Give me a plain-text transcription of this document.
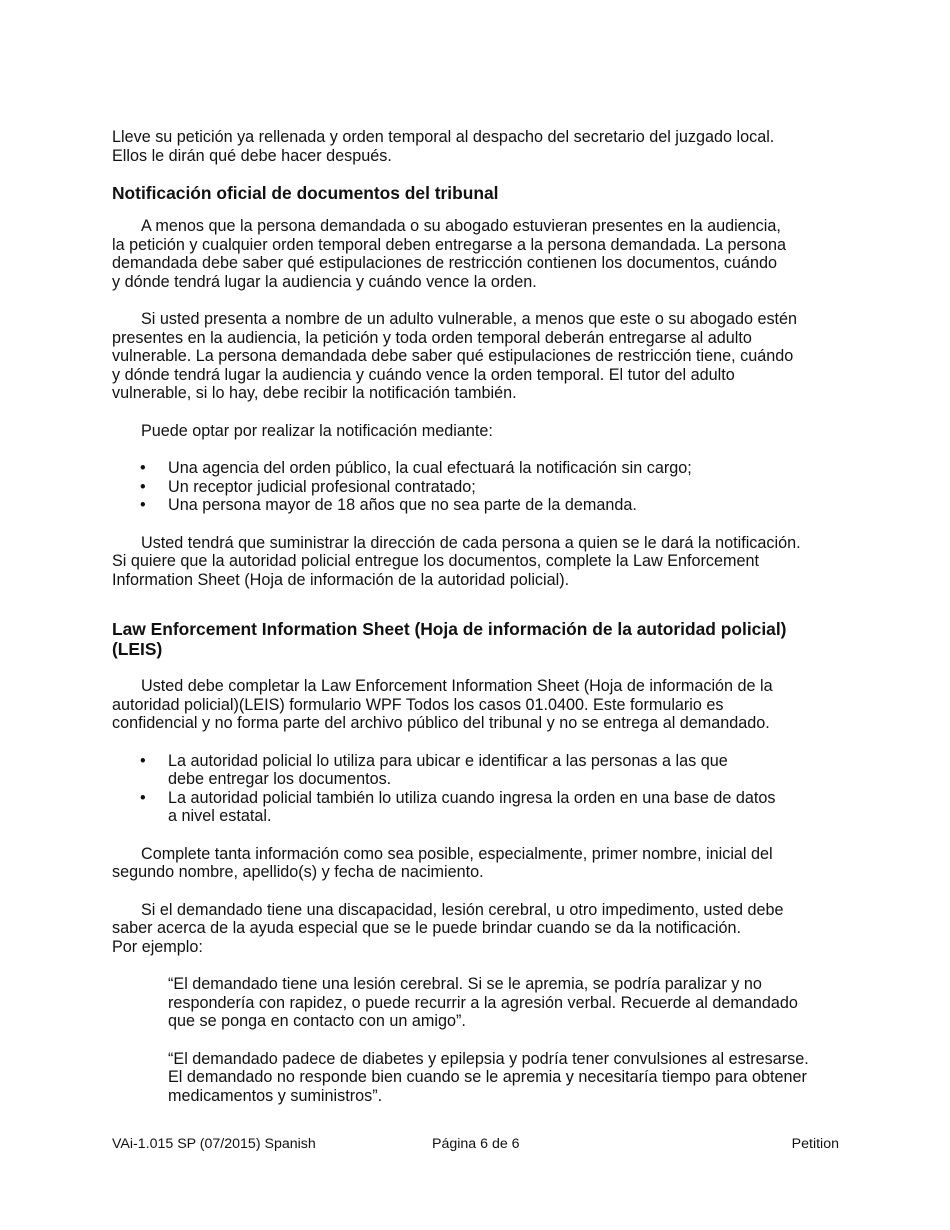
Lleve su petición ya rellenada y orden temporal al despacho del secretario del juzgado local.
Ellos le dirán qué debe hacer después.

Notificación oficial de documentos del tribunal

A menos que la persona demandada o su abogado estuvieran presentes en la audiencia,
la petición y cualquier orden temporal deben entregarse a la persona demandada. La persona
demandada debe saber qué estipulaciones de restricción contienen los documentos, cuándo
y dónde tendrá lugar la audiencia y cuándo vence la orden.

Si usted presenta a nombre de un adulto vulnerable, a menos que este o su abogado estén
presentes en la audiencia, la petición y toda orden temporal deberán entregarse al adulto
vulnerable. La persona demandada debe saber qué estipulaciones de restricción tiene, cuándo
y dónde tendrá lugar la audiencia y cuándo vence la orden temporal. El tutor del adulto
vulnerable, si lo hay, debe recibir la notificación también.

Puede optar por realizar la notificación mediante:

• Una agencia del orden público, la cual efectuará la notificación sin cargo;
• Un receptor judicial profesional contratado;
• Una persona mayor de 18 años que no sea parte de la demanda.

Usted tendrá que suministrar la dirección de cada persona a quien se le dará la notificación.
Si quiere que la autoridad policial entregue los documentos, complete la Law Enforcement
Information Sheet (Hoja de información de la autoridad policial).

Law Enforcement Information Sheet (Hoja de información de la autoridad policial)
(LEIS)

Usted debe completar la Law Enforcement Information Sheet (Hoja de información de la
autoridad policial)(LEIS) formulario WPF Todos los casos 01.0400. Este formulario es
confidencial y no forma parte del archivo público del tribunal y no se entrega al demandado.

• La autoridad policial lo utiliza para ubicar e identificar a las personas a las que
debe entregar los documentos.
• La autoridad policial también lo utiliza cuando ingresa la orden en una base de datos
a nivel estatal.

Complete tanta información como sea posible, especialmente, primer nombre, inicial del
segundo nombre, apellido(s) y fecha de nacimiento.

Si el demandado tiene una discapacidad, lesión cerebral, u otro impedimento, usted debe
saber acerca de la ayuda especial que se le puede brindar cuando se da la notificación.
Por ejemplo:

“El demandado tiene una lesión cerebral. Si se le apremia, se podría paralizar y no
respondería con rapidez, o puede recurrir a la agresión verbal. Recuerde al demandado
que se ponga en contacto con un amigo”.

“El demandado padece de diabetes y epilepsia y podría tener convulsiones al estresarse.
El demandado no responde bien cuando se le apremia y necesitaría tiempo para obtener
medicamentos y suministros”.

VAi-1.015 SP (07/2015) Spanish	Página 6 de 6	Petition
